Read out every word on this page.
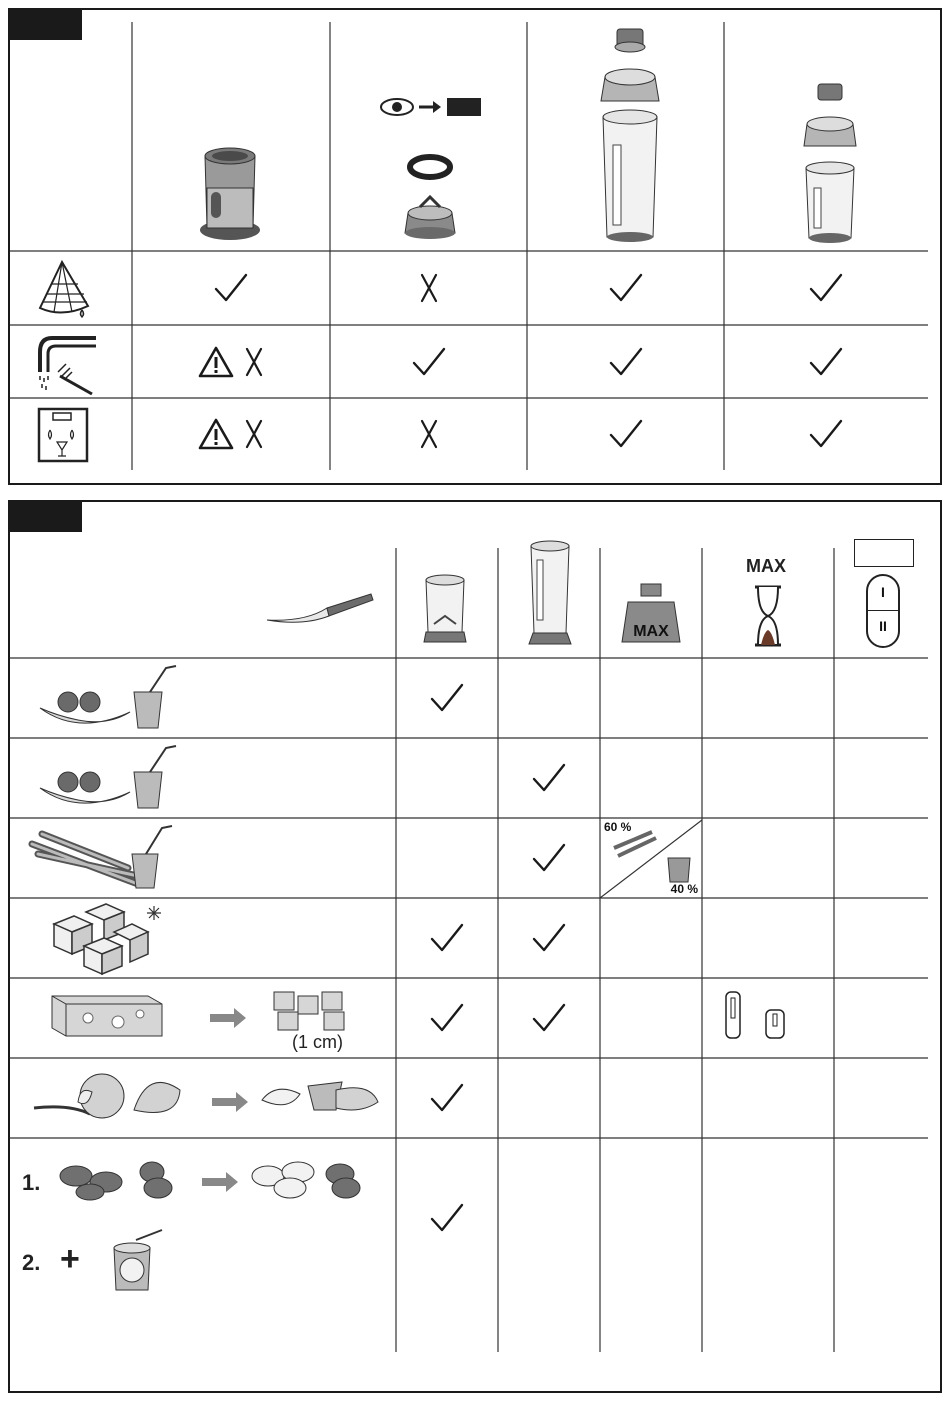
MAX
MAX
I
II
60 %
40 %
(1 cm)
1.
2. +
